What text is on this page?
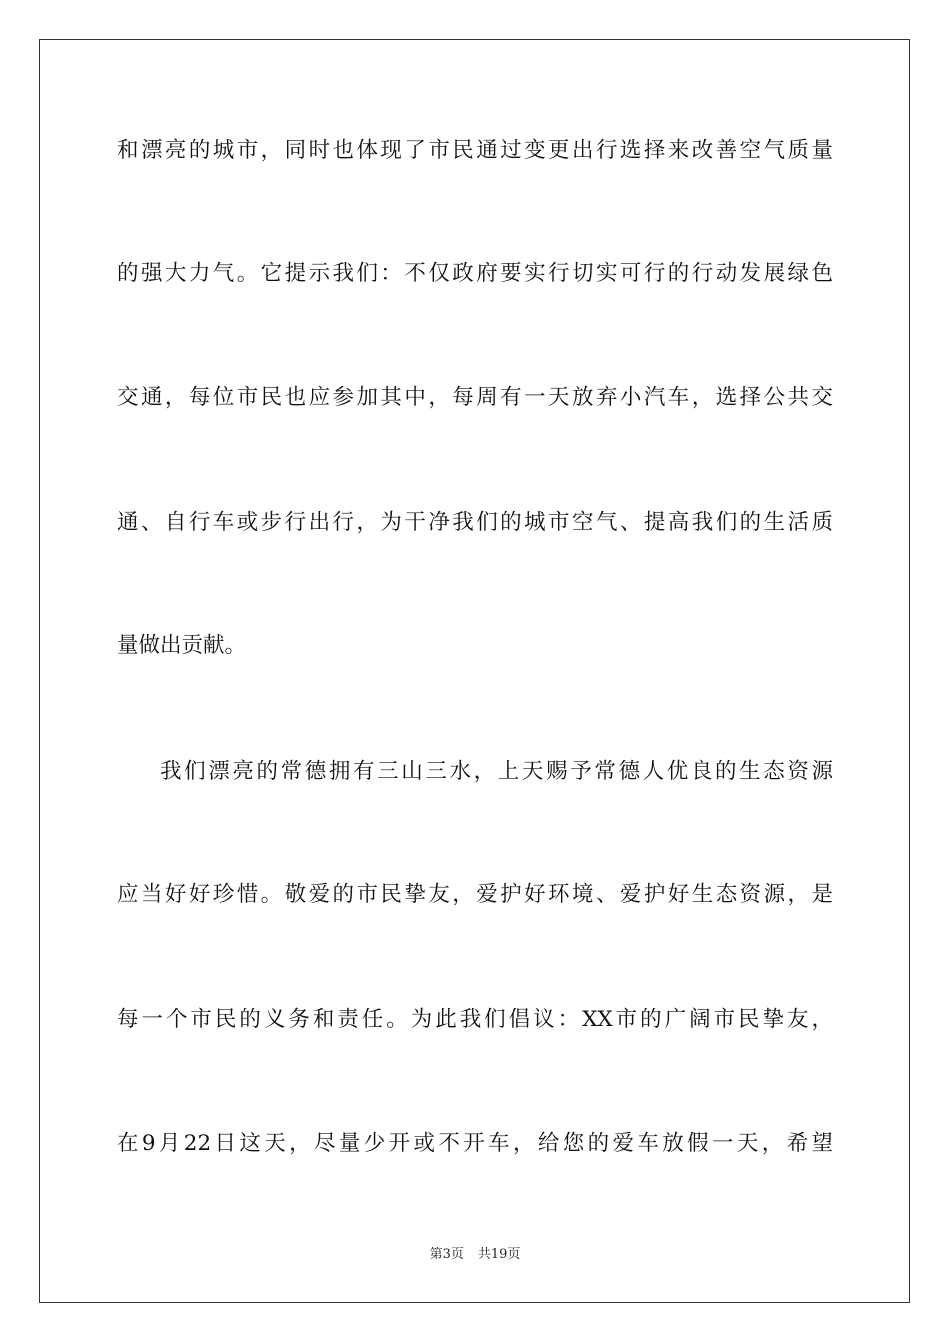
和漂亮的城市，同时也体现了市民通过变更出行选择来改善空气质量
的强大力气。它提示我们：不仅政府要实行切实可行的行动发展绿色
交通，每位市民也应参加其中，每周有一天放弃小汽车，选择公共交
通、自行车或步行出行，为干净我们的城市空气、提高我们的生活质
量做出贡献。
我们漂亮的常德拥有三山三水，上天赐予常德人优良的生态资源
应当好好珍惜。敬爱的市民挚友，爱护好环境、爱护好生态资源，是
每一个市民的义务和责任。为此我们倡议：XX市的广阔市民挚友，
在9月22日这天，尽量少开或不开车，给您的爱车放假一天，希望
第3页 共19页
